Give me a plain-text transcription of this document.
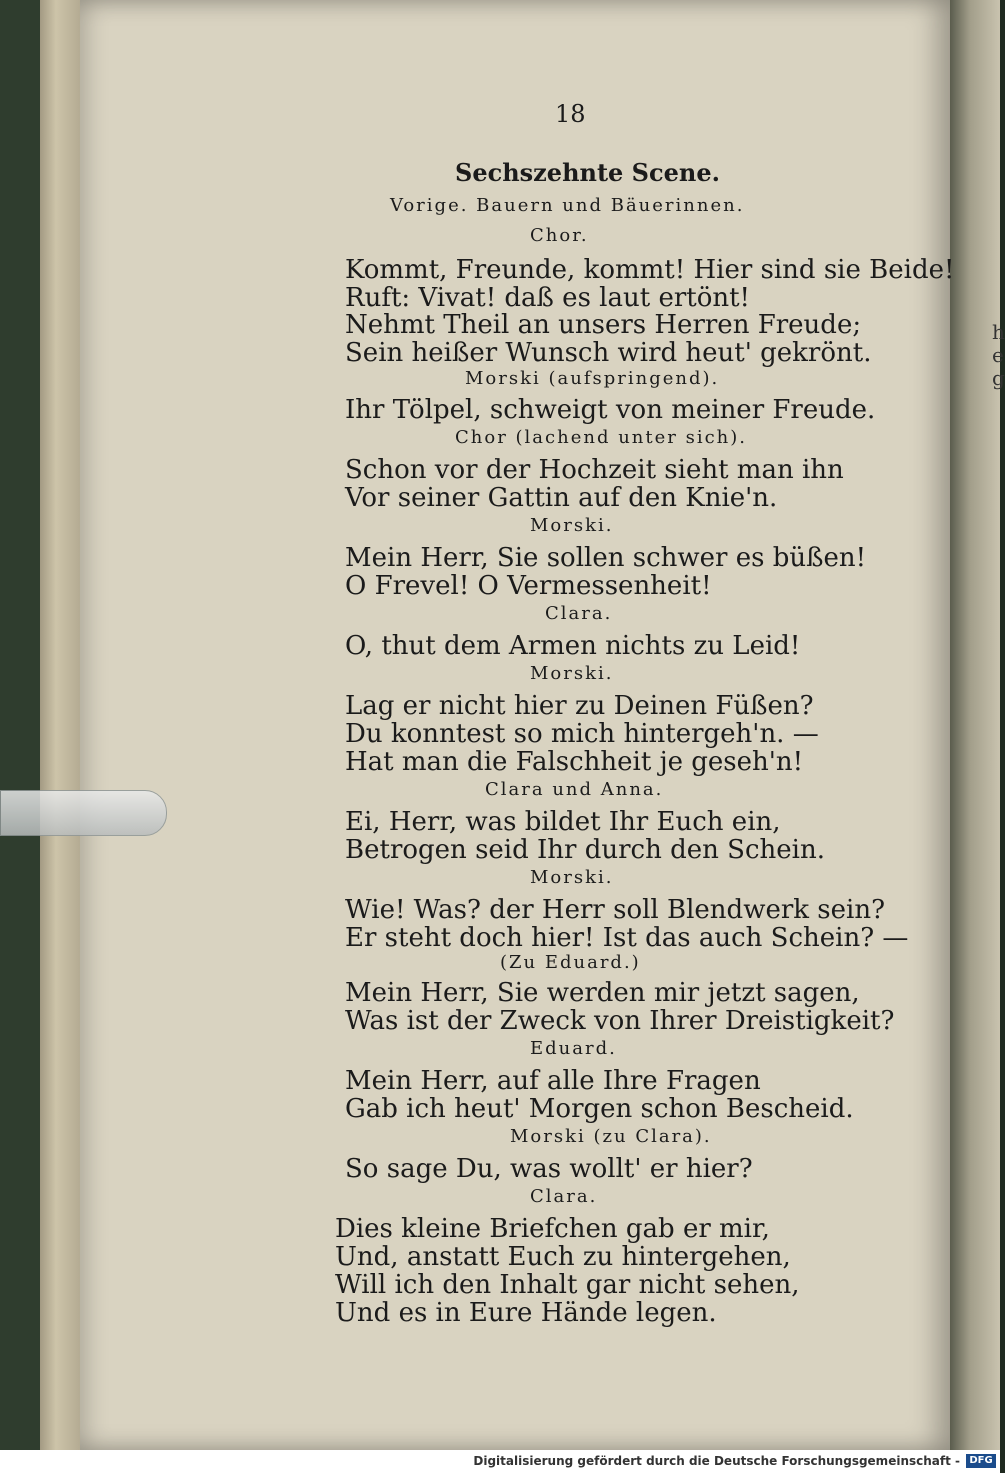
h
e
g
18
Sechszehnte Scene.
Vorige. Bauern und Bäuerinnen.
Chor.
Kommt, Freunde, kommt! Hier sind sie Beide!
Ruft: Vivat! daß es laut ertönt!
Nehmt Theil an unsers Herren Freude;
Sein heißer Wunsch wird heut' gekrönt.
Morski (aufspringend).
Ihr Tölpel, schweigt von meiner Freude.
Chor (lachend unter sich).
Schon vor der Hochzeit sieht man ihn
Vor seiner Gattin auf den Knie'n.
Morski.
Mein Herr, Sie sollen schwer es büßen!
O Frevel! O Vermessenheit!
Clara.
O, thut dem Armen nichts zu Leid!
Morski.
Lag er nicht hier zu Deinen Füßen?
Du konntest so mich hintergeh'n. —
Hat man die Falschheit je geseh'n!
Clara und Anna.
Ei, Herr, was bildet Ihr Euch ein,
Betrogen seid Ihr durch den Schein.
Morski.
Wie! Was? der Herr soll Blendwerk sein?
Er steht doch hier! Ist das auch Schein? —
(Zu Eduard.)
Mein Herr, Sie werden mir jetzt sagen,
Was ist der Zweck von Ihrer Dreistigkeit?
Eduard.
Mein Herr, auf alle Ihre Fragen
Gab ich heut' Morgen schon Bescheid.
Morski (zu Clara).
So sage Du, was wollt' er hier?
Clara.
Dies kleine Briefchen gab er mir,
Und, anstatt Euch zu hintergehen,
Will ich den Inhalt gar nicht sehen,
Und es in Eure Hände legen.
Digitalisierung gefördert durch die Deutsche Forschungsgemeinschaft - DFG
